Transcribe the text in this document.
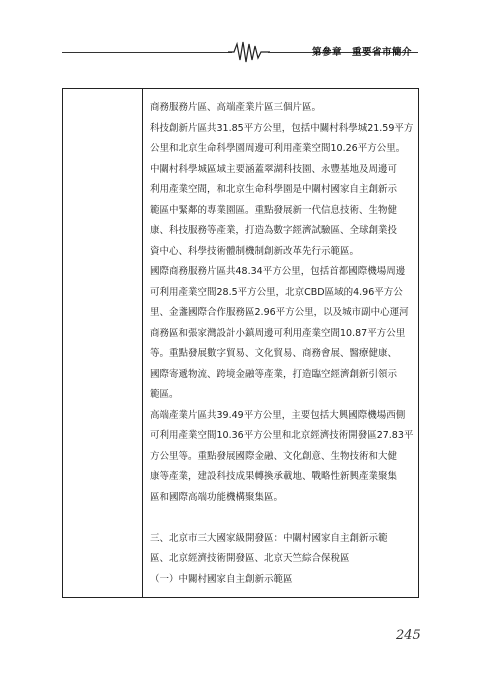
第參章　重要省市簡介

商務服務片區、高端產業片區三個片區。

科技創新片區共31.85平方公里，包括中關村科學城21.59平方

公里和北京生命科學園周邊可利用產業空間10.26平方公里。

中關村科學城區域主要涵蓋翠湖科技園、永豐基地及周邊可

利用產業空間，和北京生命科學園是中關村國家自主創新示

範區中緊鄰的專業園區。重點發展新一代信息技術、生物健

康、科技服務等產業，打造為數字經濟試驗區、全球創業投

資中心、科學技術體制機制創新改革先行示範區。

國際商務服務片區共48.34平方公里，包括首都國際機場周邊

可利用產業空間28.5平方公里，北京CBD區域的4.96平方公

里、金盞國際合作服務區2.96平方公里，以及城市副中心運河

商務區和張家灣設計小鎮周邊可利用產業空間10.87平方公里

等。重點發展數字貿易、文化貿易、商務會展、醫療健康、

國際寄遞物流、跨境金融等產業，打造臨空經濟創新引領示

範區。

高端產業片區共39.49平方公里，主要包括大興國際機場西側

可利用產業空間10.36平方公里和北京經濟技術開發區27.83平

方公里等。重點發展國際金融、文化創意、生物技術和大健

康等產業，建設科技成果轉換承載地、戰略性新興產業聚集

區和國際高端功能機構聚集區。

三、北京市三大國家級開發區：中關村國家自主創新示範

區、北京經濟技術開發區、北京天竺綜合保稅區

（一）中關村國家自主創新示範區

245
